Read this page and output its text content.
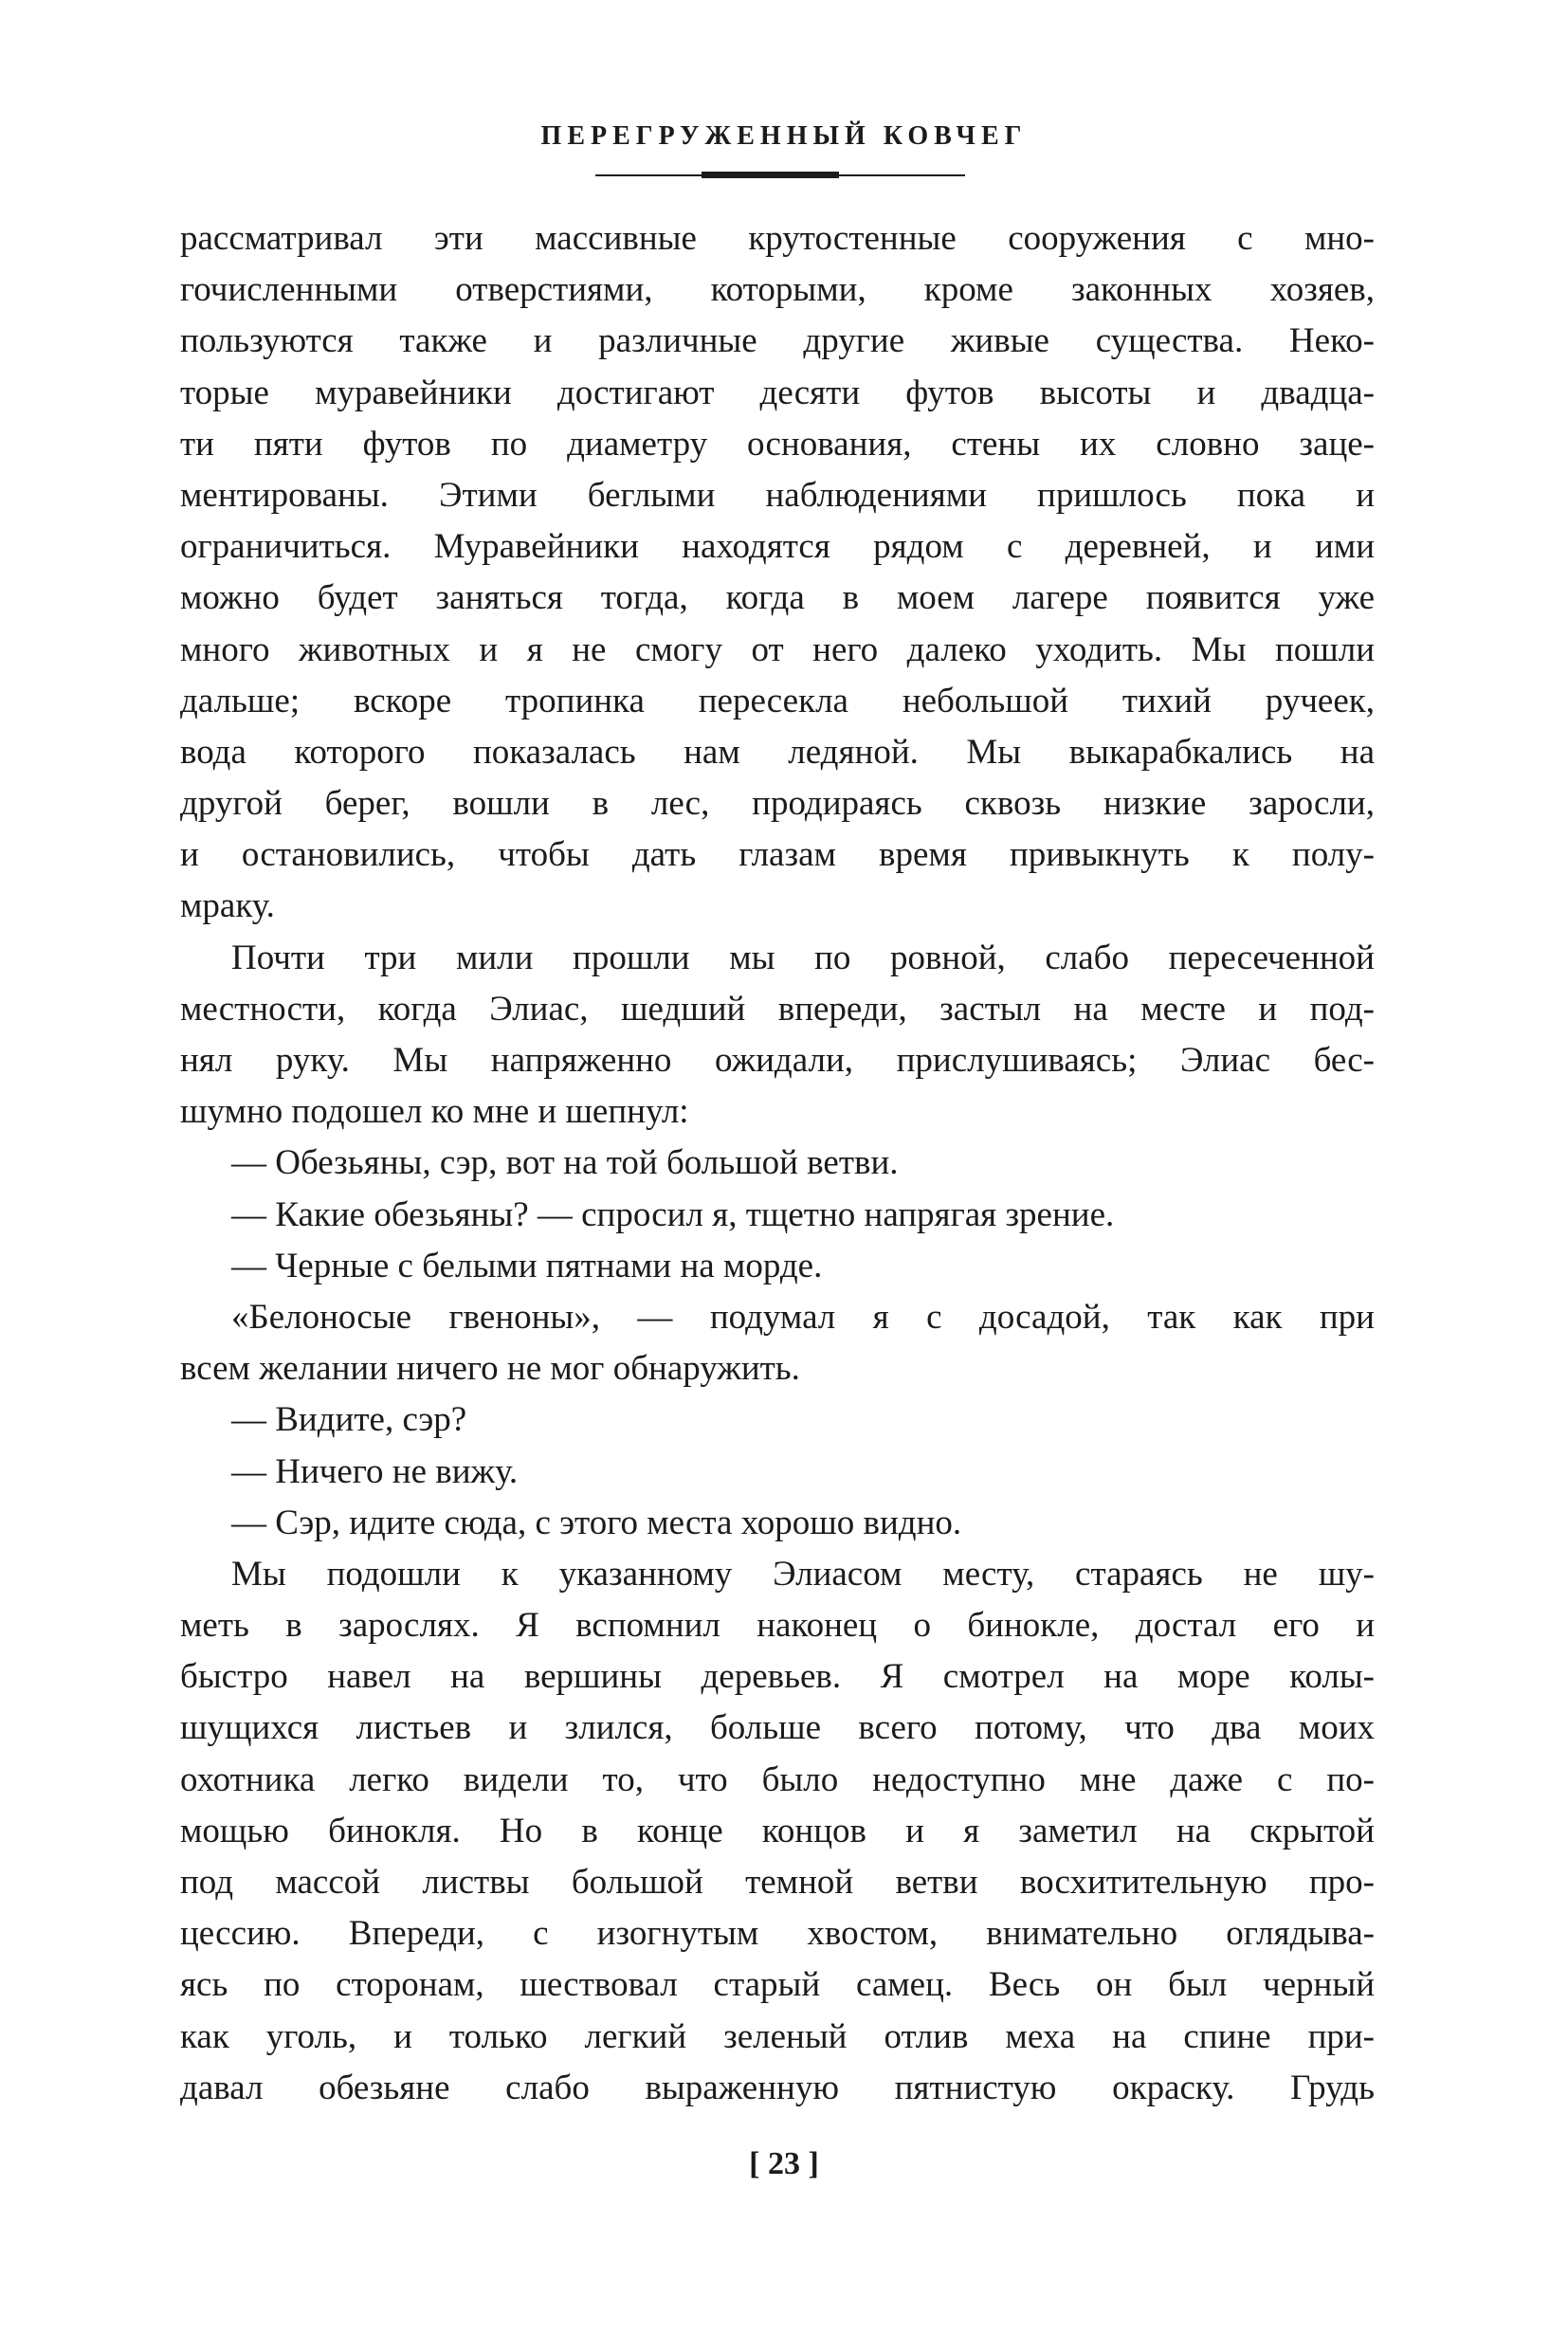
ПЕРЕГРУЖЕННЫЙ КОВЧЕГ
рассматривал эти массивные крутостенные сооружения с мно-
гочисленными отверстиями, которыми, кроме законных хозяев,
пользуются также и различные другие живые существа. Неко-
торые муравейники достигают десяти футов высоты и двадца-
ти пяти футов по диаметру основания, стены их словно заце-
ментированы. Этими беглыми наблюдениями пришлось пока и
ограничиться. Муравейники находятся рядом с деревней, и ими
можно будет заняться тогда, когда в моем лагере появится уже
много животных и я не смогу от него далеко уходить. Мы пошли
дальше; вскоре тропинка пересекла небольшой тихий ручеек,
вода которого показалась нам ледяной. Мы выкарабкались на
другой берег, вошли в лес, продираясь сквозь низкие заросли,
и остановились, чтобы дать глазам время привыкнуть к полу-
мраку.
Почти три мили прошли мы по ровной, слабо пересеченной
местности, когда Элиас, шедший впереди, застыл на месте и под-
нял руку. Мы напряженно ожидали, прислушиваясь; Элиас бес-
шумно подошел ко мне и шепнул:
— Обезьяны, сэр, вот на той большой ветви.
— Какие обезьяны? — спросил я, тщетно напрягая зрение.
— Черные с белыми пятнами на морде.
«Белоносые гвеноны», — подумал я с досадой, так как при
всем желании ничего не мог обнаружить.
— Видите, сэр?
— Ничего не вижу.
— Сэр, идите сюда, с этого места хорошо видно.
Мы подошли к указанному Элиасом месту, стараясь не шу-
меть в зарослях. Я вспомнил наконец о бинокле, достал его и
быстро навел на вершины деревьев. Я смотрел на море колы-
шущихся листьев и злился, больше всего потому, что два моих
охотника легко видели то, что было недоступно мне даже с по-
мощью бинокля. Но в конце концов и я заметил на скрытой
под массой листвы большой темной ветви восхитительную про-
цессию. Впереди, с изогнутым хвостом, внимательно оглядыва-
ясь по сторонам, шествовал старый самец. Весь он был черный
как уголь, и только легкий зеленый отлив меха на спине при-
давал обезьяне слабо выраженную пятнистую окраску. Грудь
[ 23 ]
